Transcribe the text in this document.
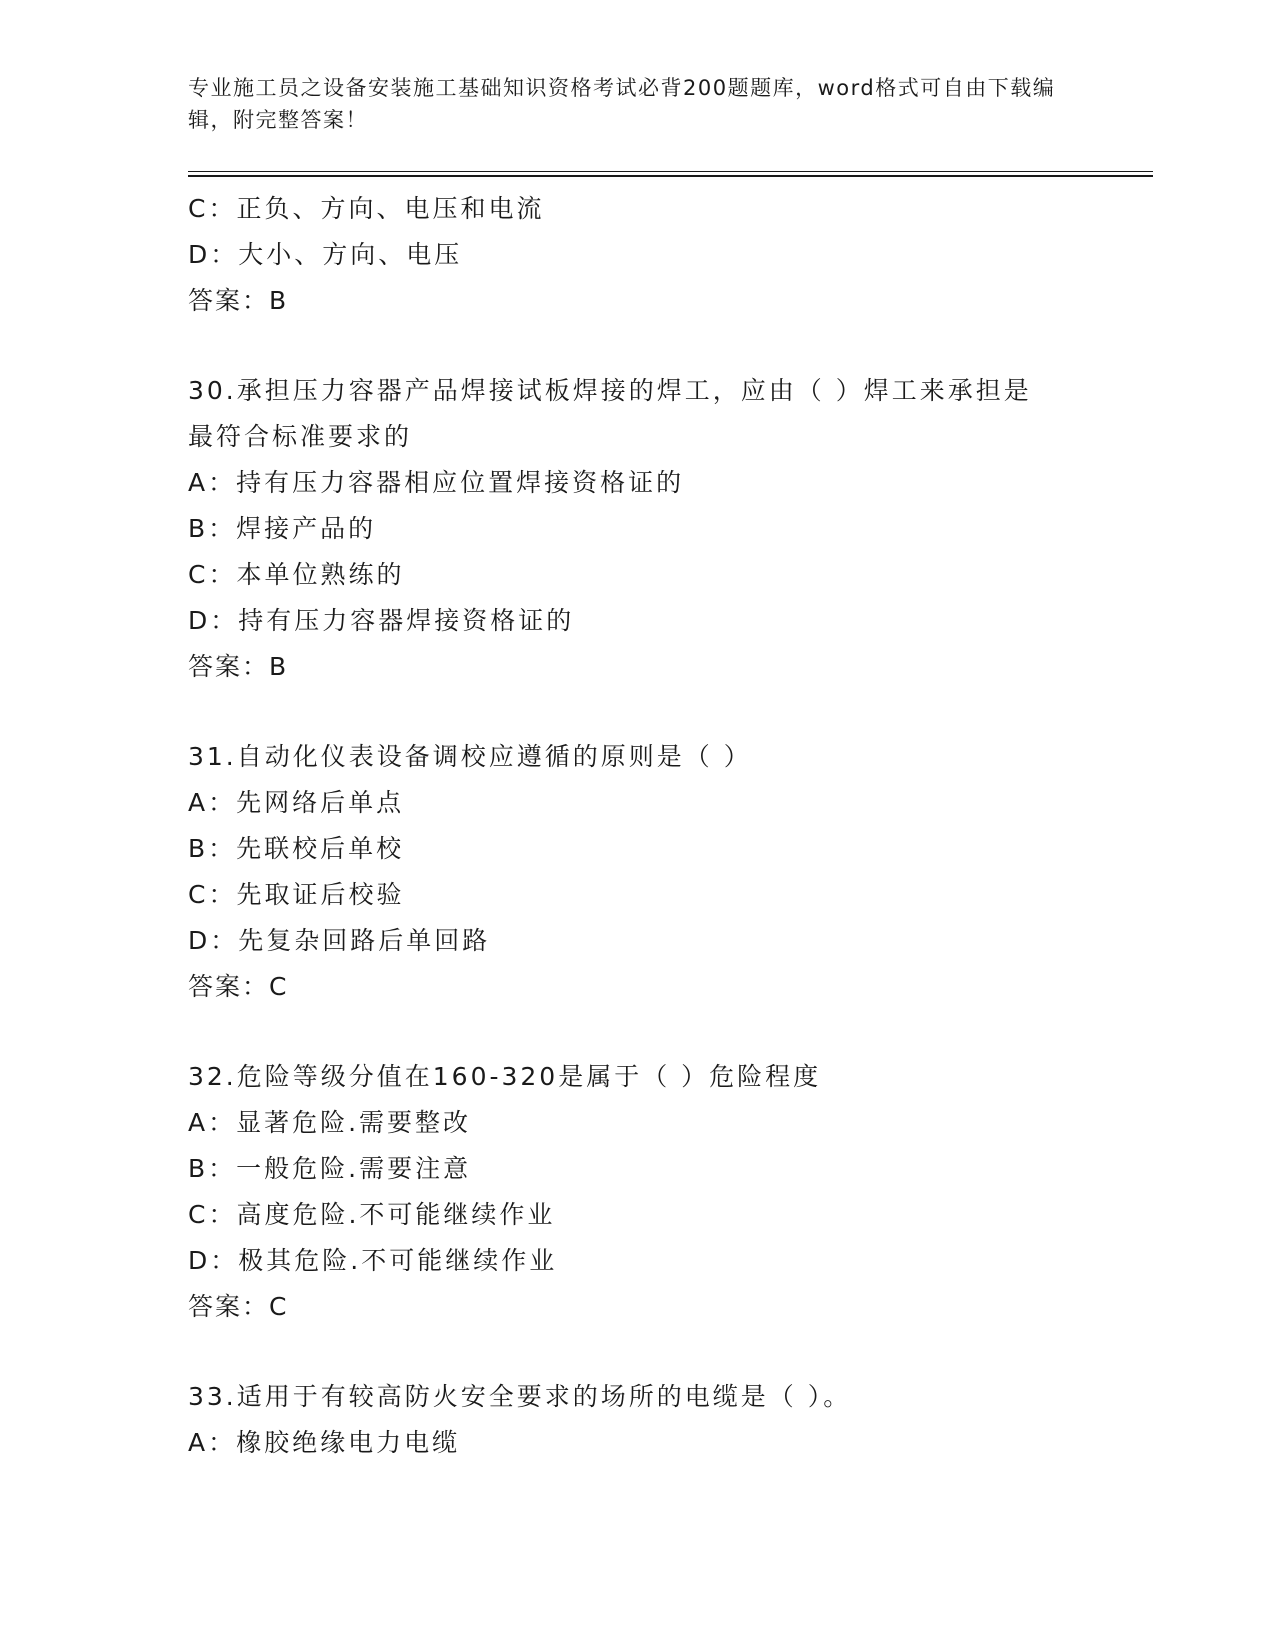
专业施工员之设备安装施工基础知识资格考试必背200题题库，word格式可自由下载编辑，附完整答案！
C：正负、方向、电压和电流
D：大小、方向、电压
答案：B
30.承担压力容器产品焊接试板焊接的焊工，应由（ ）焊工来承担是
最符合标准要求的
A：持有压力容器相应位置焊接资格证的
B：焊接产品的
C：本单位熟练的
D：持有压力容器焊接资格证的
答案：B
31.自动化仪表设备调校应遵循的原则是（ ）
A：先网络后单点
B：先联校后单校
C：先取证后校验
D：先复杂回路后单回路
答案：C
32.危险等级分值在160-320是属于（ ）危险程度
A：显著危险.需要整改
B：一般危险.需要注意
C：高度危险.不可能继续作业
D：极其危险.不可能继续作业
答案：C
33.适用于有较高防火安全要求的场所的电缆是（ ）。
A：橡胶绝缘电力电缆
